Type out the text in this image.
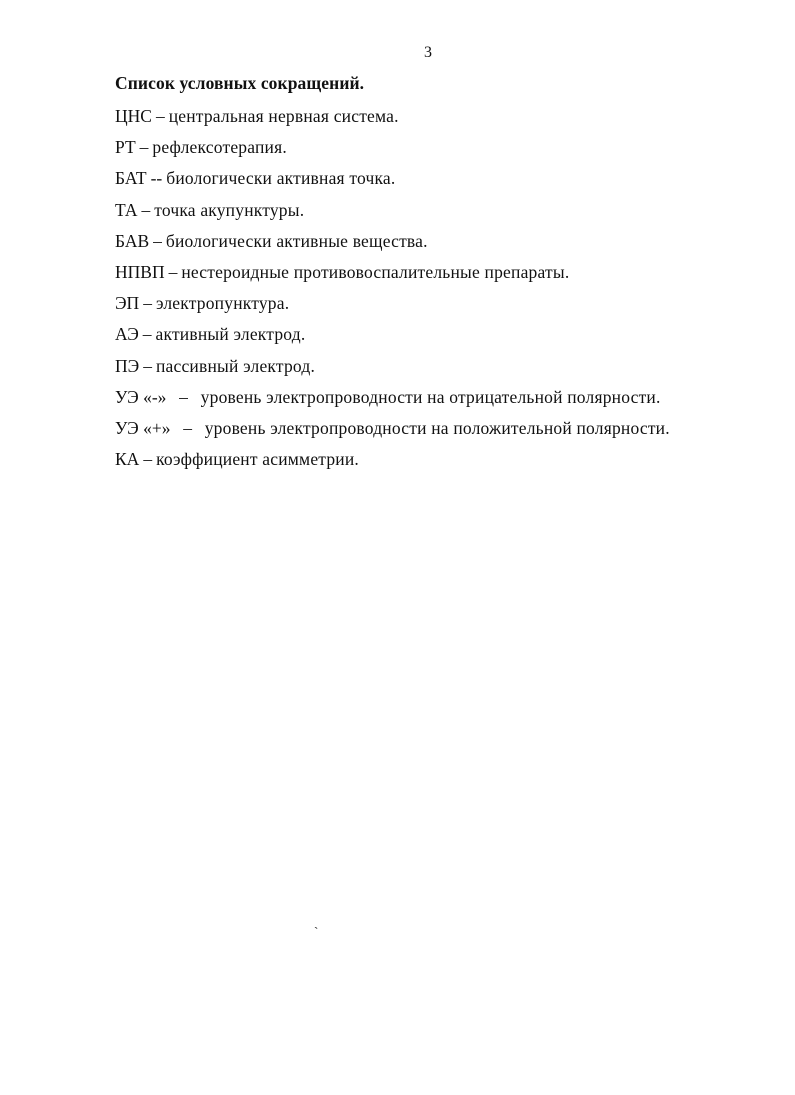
3
Список условных сокращений.
ЦНС – центральная нервная система.
РТ – рефлексотерапия.
БАТ -- биологически активная точка.
ТА – точка акупунктуры.
БАВ – биологически активные вещества.
НПВП – нестероидные противовоспалительные препараты.
ЭП – электропунктура.
АЭ – активный электрод.
ПЭ – пассивный электрод.
УЭ «-»  –  уровень электропроводности на отрицательной полярности.
УЭ «+»  –  уровень электропроводности на положительной полярности.
КА – коэффициент асимметрии.
`
